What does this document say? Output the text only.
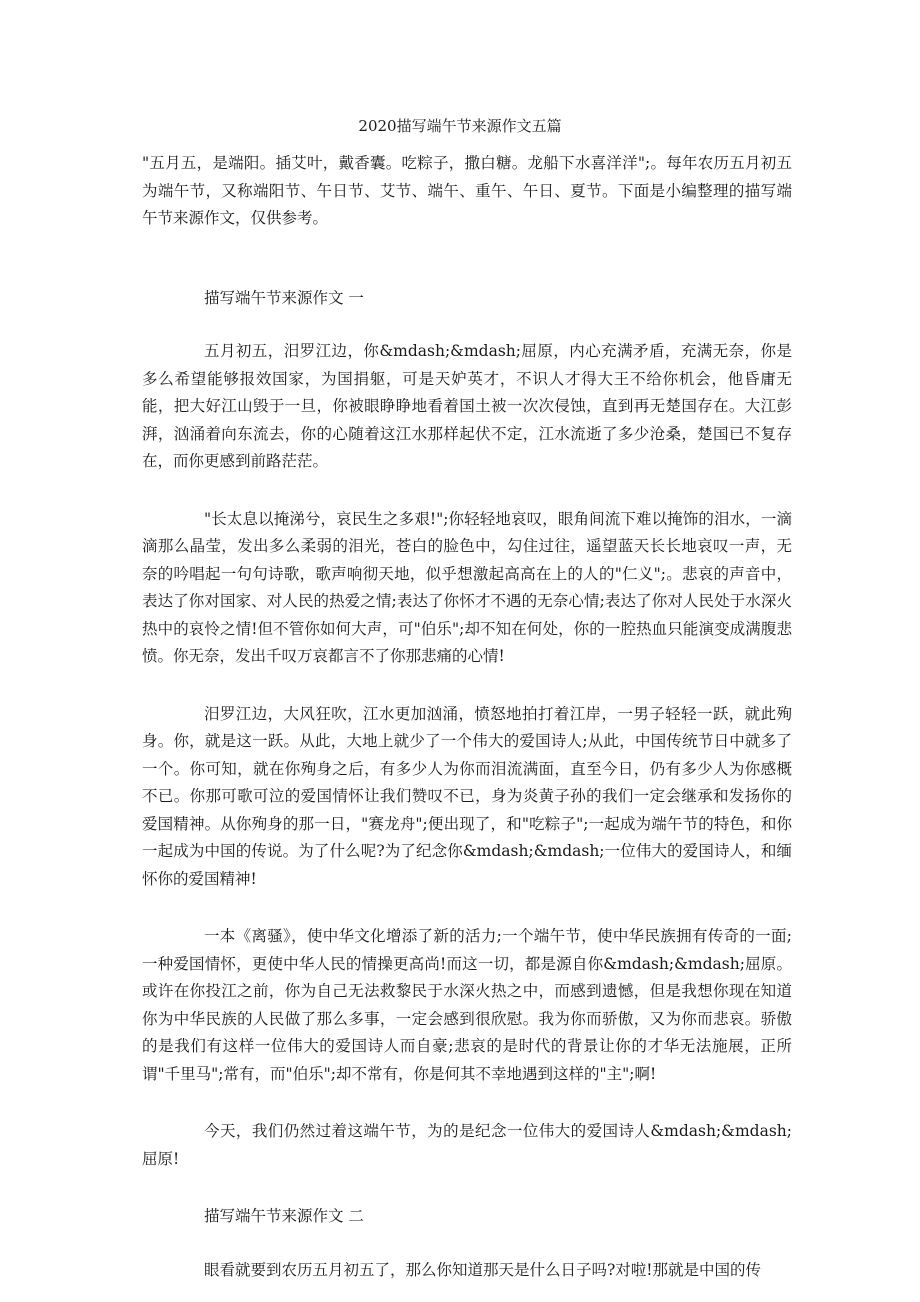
2020描写端午节来源作文五篇

"五月五，是端阳。插艾叶，戴香囊。吃粽子，撒白糖。龙船下水喜洋洋";。每年农历五月初五为端午节，又称端阳节、午日节、艾节、端午、重午、午日、夏节。下面是小编整理的描写端午节来源作文，仅供参考。

描写端午节来源作文 一

五月初五，汨罗江边，你&mdash;&mdash;屈原，内心充满矛盾，充满无奈，你是多么希望能够报效国家，为国捐躯，可是天妒英才，不识人才得大王不给你机会，他昏庸无能，把大好江山毁于一旦，你被眼睁睁地看着国土被一次次侵蚀，直到再无楚国存在。大江彭湃，汹涌着向东流去，你的心随着这江水那样起伏不定，江水流逝了多少沧桑，楚国已不复存在，而你更感到前路茫茫。

"长太息以掩涕兮，哀民生之多艰!";你轻轻地哀叹，眼角间流下难以掩饰的泪水，一滴滴那么晶莹，发出多么柔弱的泪光，苍白的脸色中，勾住过往，遥望蓝天长长地哀叹一声，无奈的吟唱起一句句诗歌，歌声响彻天地，似乎想激起高高在上的人的"仁义";。悲哀的声音中，表达了你对国家、对人民的热爱之情;表达了你怀才不遇的无奈心情;表达了你对人民处于水深火热中的哀怜之情!但不管你如何大声，可"伯乐";却不知在何处，你的一腔热血只能演变成满腹悲愤。你无奈，发出千叹万哀都言不了你那悲痛的心情!

汨罗江边，大风狂吹，江水更加汹涌，愤怒地拍打着江岸，一男子轻轻一跃，就此殉身。你，就是这一跃。从此，大地上就少了一个伟大的爱国诗人;从此，中国传统节日中就多了一个。你可知，就在你殉身之后，有多少人为你而泪流满面，直至今日，仍有多少人为你感概不已。你那可歌可泣的爱国情怀让我们赞叹不已，身为炎黄子孙的我们一定会继承和发扬你的爱国精神。从你殉身的那一日，"赛龙舟";便出现了，和"吃粽子";一起成为端午节的特色，和你一起成为中国的传说。为了什么呢?为了纪念你&mdash;&mdash;一位伟大的爱国诗人，和缅怀你的爱国精神!

一本《离骚》，使中华文化增添了新的活力;一个端午节，使中华民族拥有传奇的一面;一种爱国情怀，更使中华人民的情操更高尚!而这一切，都是源自你&mdash;&mdash;屈原。或许在你投江之前，你为自己无法救黎民于水深火热之中，而感到遗憾，但是我想你现在知道你为中华民族的人民做了那么多事，一定会感到很欣慰。我为你而骄傲，又为你而悲哀。骄傲的是我们有这样一位伟大的爱国诗人而自豪;悲哀的是时代的背景让你的才华无法施展，正所谓"千里马";常有，而"伯乐";却不常有，你是何其不幸地遇到这样的"主";啊!

今天，我们仍然过着这端午节，为的是纪念一位伟大的爱国诗人&mdash;&mdash;屈原!

描写端午节来源作文 二

眼看就要到农历五月初五了，那么你知道那天是什么日子吗?对啦!那就是中国的传
